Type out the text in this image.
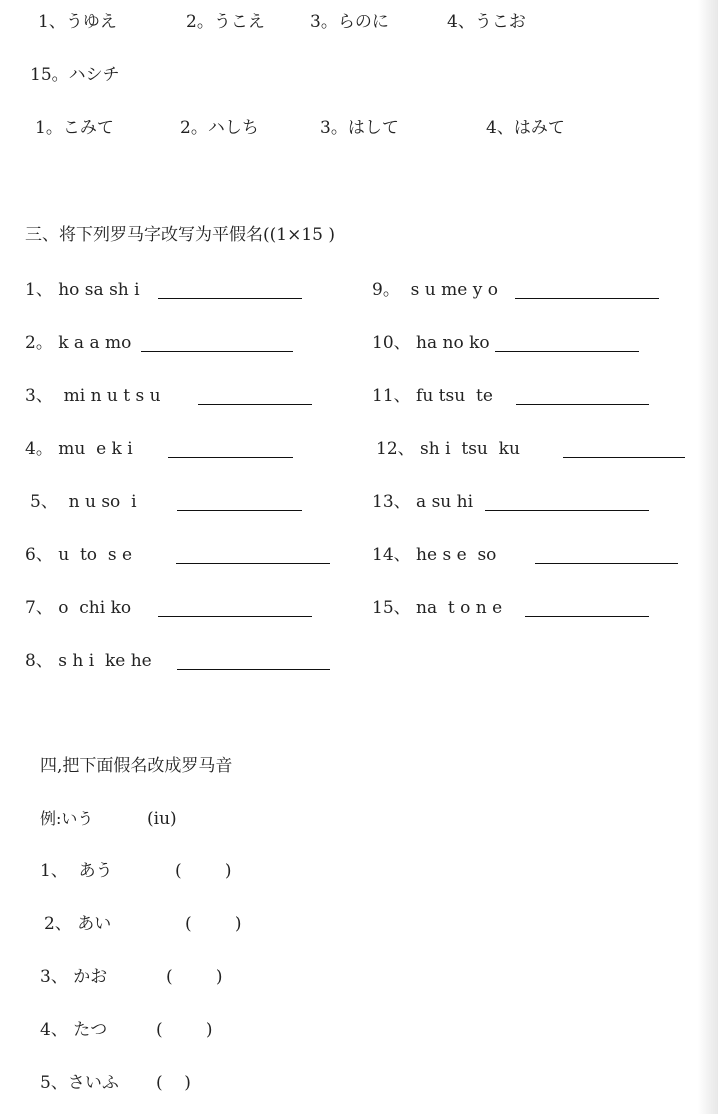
1、うゆえ	2。うこえ	3。らのに	4、うこお
15。ハシチ
1。こみて	2。ハしち	3。はして	4、はみて
三、将下列罗马字改写为平假名((1×15 )
1、 ho sa sh i
2。 k a a mo
3、  mi n u t s u
4。 mu  e k i
5、  n u so  i
6、 u  to  s e
7、 o  chi ko
8、 s h i  ke he
9。  s u me y o
10、 ha no ko
11、 fu tsu  te
12、 sh i  tsu  ku
13、 a su hi
14、 he s e  so
15、 na  t o n e
四,把下面假名改成罗马音
例:いう	(iu)
1、  あう	(        )
2、 あい	(        )
3、 かお	(        )
4、 たつ	(        )
5、さいふ (    )
